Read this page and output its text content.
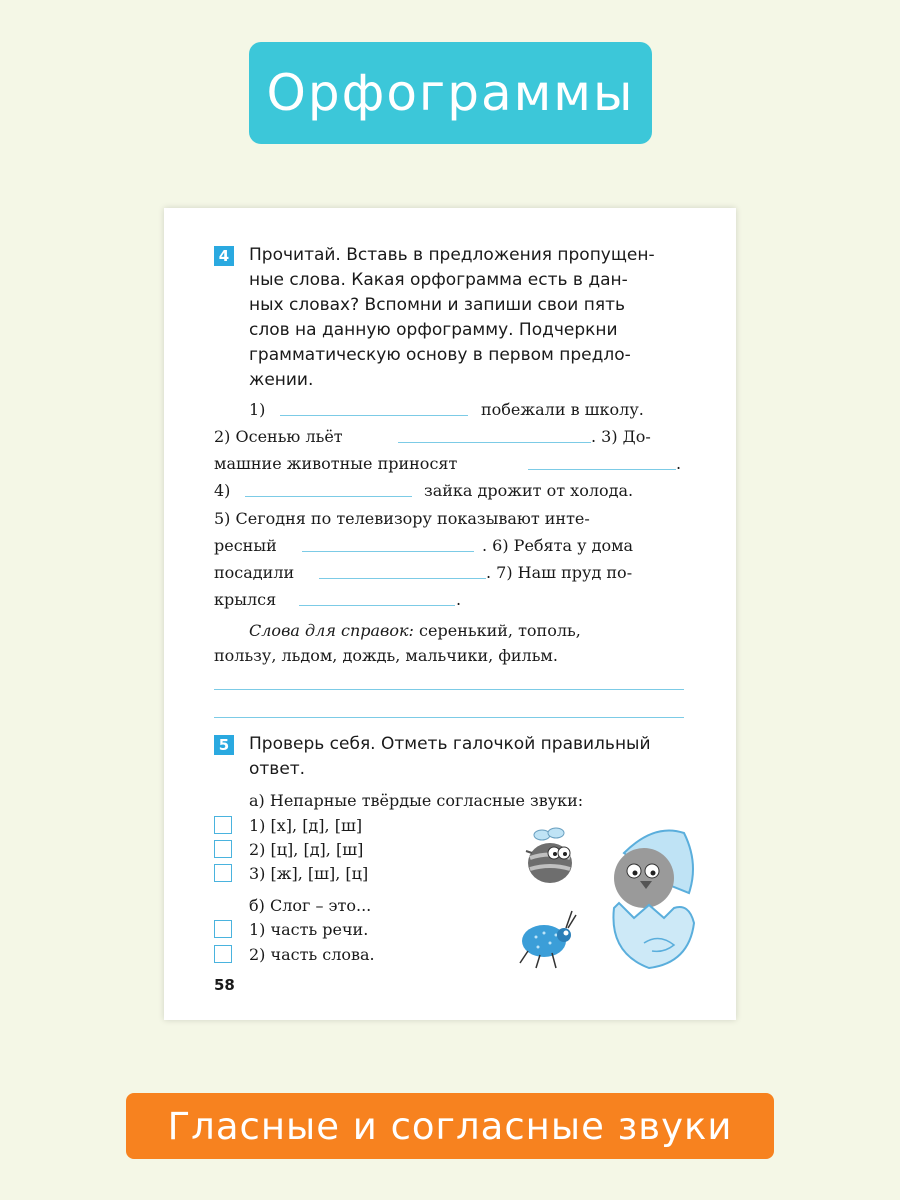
Орфограммы
4 Прочитай. Вставь в предложения пропущен-
ные слова. Какая орфограмма есть в дан-
ных словах? Вспомни и запиши свои пять
слов на данную орфограмму. Подчеркни
грамматическую основу в первом предло-
жении.
1)	побежали в школу.
2) Осенью льёт	. 3) До-
машние животные приносят	.
4)	зайка дрожит от холода.
5) Сегодня по телевизору показывают инте-
ресный	. 6) Ребята у дома
посадили	. 7) Наш пруд по-
крылся	.
Слова для справок: сеpенький, тополь,
пользу, льдом, дождь, мальчики, фильм.
5 Проверь себя. Отметь галочкой правильный
ответ.
а) Непарные твёрдые согласные звуки:
1) [х], [д], [ш]
2) [ц], [д], [ш]
3) [ж], [ш], [ц]
б) Слог – это...
1) часть речи.
2) часть слова.
58
Гласные и согласные звуки
